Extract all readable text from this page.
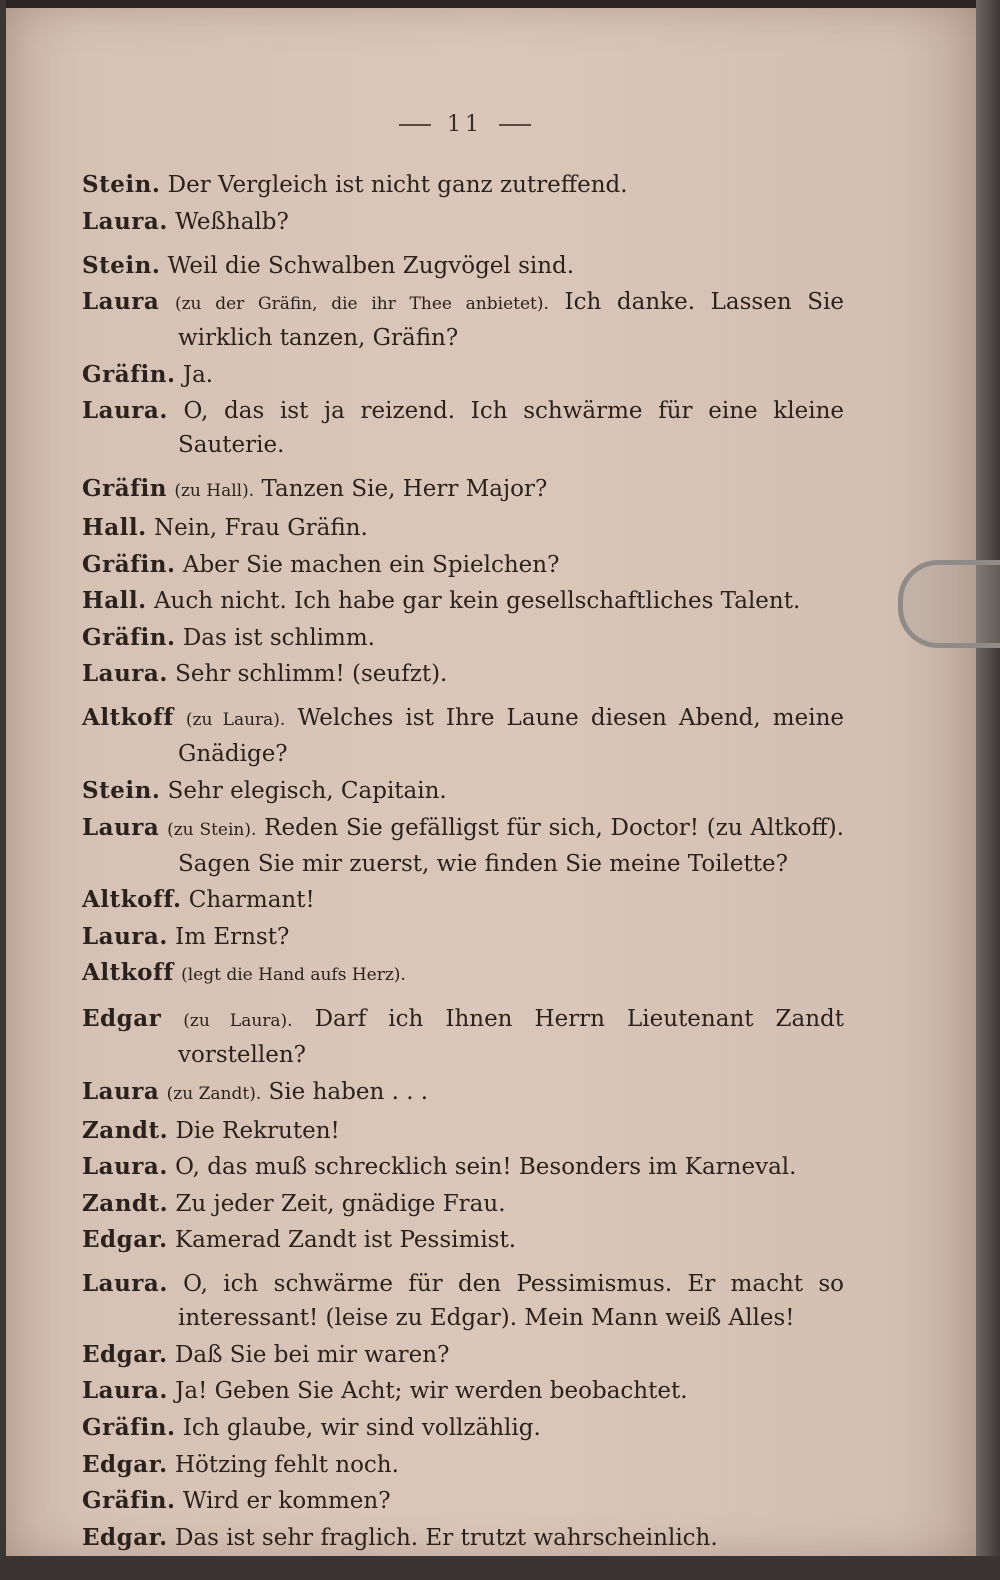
11
Stein. Der Vergleich ist nicht ganz zutreffend.
Laura. Weßhalb?
Stein. Weil die Schwalben Zugvögel sind.
Laura (zu der Gräfin, die ihr Thee anbietet). Ich danke. Lassen Sie wirklich tanzen, Gräfin?
Gräfin. Ja.
Laura. O, das ist ja reizend. Ich schwärme für eine kleine Sauterie.
Gräfin (zu Hall). Tanzen Sie, Herr Major?
Hall. Nein, Frau Gräfin.
Gräfin. Aber Sie machen ein Spielchen?
Hall. Auch nicht. Ich habe gar kein gesellschaftliches Talent.
Gräfin. Das ist schlimm.
Laura. Sehr schlimm! (seufzt).
Altkoff (zu Laura). Welches ist Ihre Laune diesen Abend, meine Gnädige?
Stein. Sehr elegisch, Capitain.
Laura (zu Stein). Reden Sie gefälligst für sich, Doctor! (zu Altkoff). Sagen Sie mir zuerst, wie finden Sie meine Toilette?
Altkoff. Charmant!
Laura. Im Ernst?
Altkoff (legt die Hand aufs Herz).
Edgar (zu Laura). Darf ich Ihnen Herrn Lieutenant Zandt vorstellen?
Laura (zu Zandt). Sie haben . . .
Zandt. Die Rekruten!
Laura. O, das muß schrecklich sein! Besonders im Karneval.
Zandt. Zu jeder Zeit, gnädige Frau.
Edgar. Kamerad Zandt ist Pessimist.
Laura. O, ich schwärme für den Pessimismus. Er macht so interessant! (leise zu Edgar). Mein Mann weiß Alles!
Edgar. Daß Sie bei mir waren?
Laura. Ja! Geben Sie Acht; wir werden beobachtet.
Gräfin. Ich glaube, wir sind vollzählig.
Edgar. Hötzing fehlt noch.
Gräfin. Wird er kommen?
Edgar. Das ist sehr fraglich. Er trutzt wahrscheinlich.
